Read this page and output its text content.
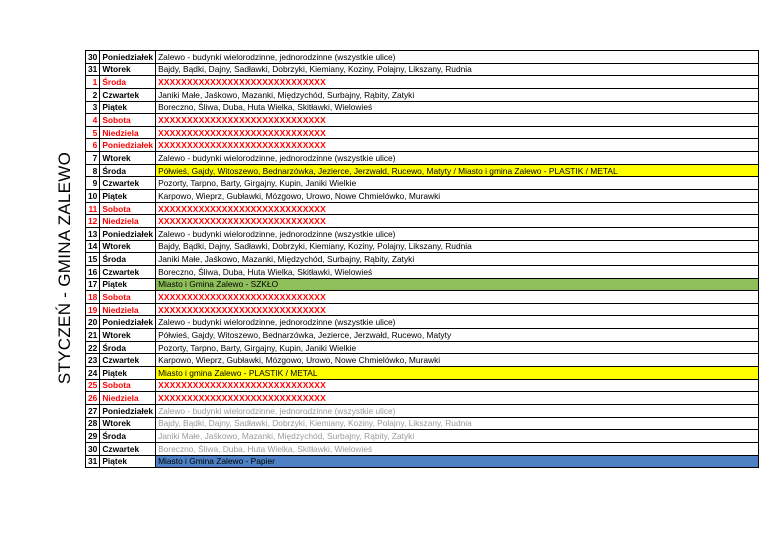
STYCZEŃ - GMINA ZALEWO
30	Poniedziałek	Zalewo - budynki wielorodzinne, jednorodzinne (wszystkie ulice)
31	Wtorek	Bajdy, Bądki, Dajny, Sadławki, Dobrzyki, Kiemiany, Koziny, Polajny, Likszany, Rudnia
1	Środa	XXXXXXXXXXXXXXXXXXXXXXXXXXXXX
2	Czwartek	Janiki Małe, Jaśkowo, Mazanki, Międzychód, Surbajny, Rąbity, Zatyki
3	Piątek	Boreczno, Śliwa, Duba, Huta Wielka, Skitławki, Wielowieś
4	Sobota	XXXXXXXXXXXXXXXXXXXXXXXXXXXXX
5	Niedziela	XXXXXXXXXXXXXXXXXXXXXXXXXXXXX
6	Poniedziałek	XXXXXXXXXXXXXXXXXXXXXXXXXXXXX
7	Wtorek	Zalewo - budynki wielorodzinne, jednorodzinne (wszystkie ulice)
8	Środa	Półwieś, Gajdy, Witoszewo, Bednarzówka, Jezierce, Jerzwałd, Rucewo, Matyty / Miasto i gmina Zalewo - PLASTIK / METAL
9	Czwartek	Pozorty, Tarpno, Barty, Girgajny, Kupin, Janiki Wielkie
10	Piątek	Karpowo, Wieprz, Gubławki, Mózgowo, Urowo, Nowe Chmielówko, Murawki
11	Sobota	XXXXXXXXXXXXXXXXXXXXXXXXXXXXX
12	Niedziela	XXXXXXXXXXXXXXXXXXXXXXXXXXXXX
13	Poniedziałek	Zalewo - budynki wielorodzinne, jednorodzinne (wszystkie ulice)
14	Wtorek	Bajdy, Bądki, Dajny, Sadławki, Dobrzyki, Kiemiany, Koziny, Polajny, Likszany, Rudnia
15	Środa	Janiki Małe, Jaśkowo, Mazanki, Międzychód, Surbajny, Rąbity, Zatyki
16	Czwartek	Boreczno, Śliwa, Duba, Huta Wielka, Skitławki, Wielowieś
17	Piątek	Miasto i Gmina Zalewo - SZKŁO
18	Sobota	XXXXXXXXXXXXXXXXXXXXXXXXXXXXX
19	Niedziela	XXXXXXXXXXXXXXXXXXXXXXXXXXXXX
20	Poniedziałek	Zalewo - budynki wielorodzinne, jednorodzinne (wszystkie ulice)
21	Wtorek	Półwieś, Gajdy, Witoszewo, Bednarzówka, Jezierce, Jerzwałd, Rucewo, Matyty
22	Środa	Pozorty, Tarpno, Barty, Girgajny, Kupin, Janiki Wielkie
23	Czwartek	Karpowo, Wieprz, Gubławki, Mózgowo, Urowo, Nowe Chmielówko, Murawki
24	Piątek	Miasto i gmina Zalewo - PLASTIK / METAL
25	Sobota	XXXXXXXXXXXXXXXXXXXXXXXXXXXXX
26	Niedziela	XXXXXXXXXXXXXXXXXXXXXXXXXXXXX
27	Poniedziałek	Zalewo - budynki wielorodzinne, jednorodzinne (wszystkie ulice)
28	Wtorek	Bajdy, Bądki, Dajny, Sadławki, Dobrzyki, Kiemiany, Koziny, Polajny, Likszany, Rudnia
29	Środa	Janiki Małe, Jaśkowo, Mazanki, Międzychód, Surbajny, Rąbity, Zatyki
30	Czwartek	Boreczno, Śliwa, Duba, Huta Wielka, Skitławki, Wielowieś
31	Piątek	Miasto i Gmina Zalewo - Papier
